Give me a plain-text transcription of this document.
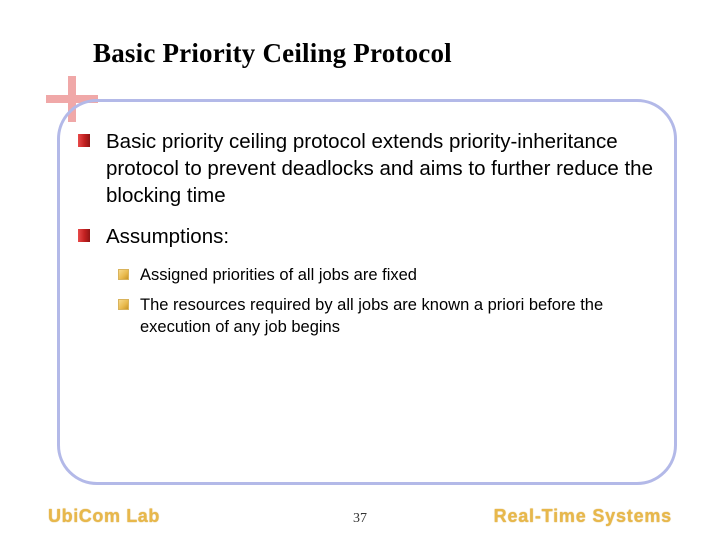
Basic Priority Ceiling Protocol
Basic priority ceiling protocol extends priority-inheritance protocol to prevent deadlocks and aims to further reduce the blocking time
Assumptions:
Assigned priorities of all jobs are fixed
The resources required by all jobs are known a priori before the execution of any job begins
UbiCom Lab	37	Real-Time Systems
